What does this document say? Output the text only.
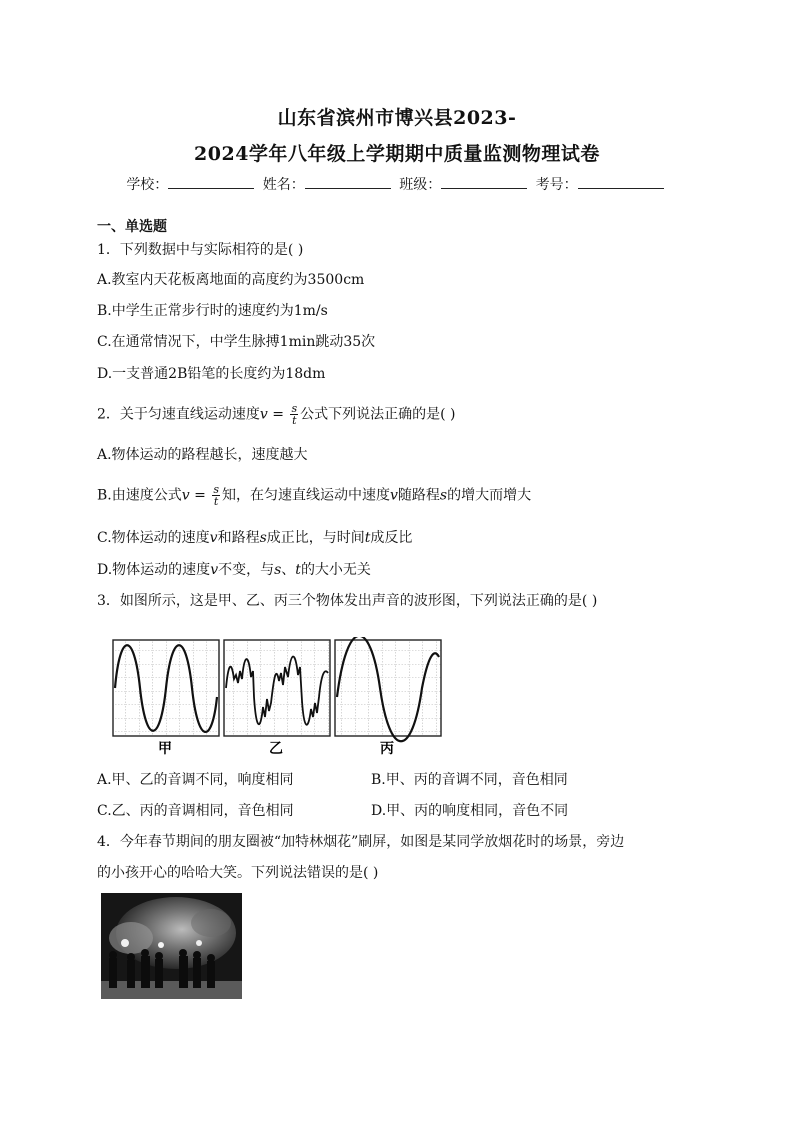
山东省滨州市博兴县2023-
2024学年八年级上学期期中质量监测物理试卷
学校：	姓名：	班级：	考号：
一、单选题
1．下列数据中与实际相符的是( )
A.教室内天花板离地面的高度约为3500cm
B.中学生正常步行时的速度约为1m/s
C.在通常情况下，中学生脉搏1min跳动35次
D.一支普通2B铅笔的长度约为18dm
2．关于匀速直线运动速度$v = \frac{s}{t}$ 公式下列说法正确的是( )
A.物体运动的路程越长，速度越大
B.由速度公式$v = \frac{s}{t}$ 知，在匀速直线运动中速度v随路程s的增大而增大
C.物体运动的速度v和路程s成正比，与时间t成反比
D.物体运动的速度v不变，与s、t的大小无关
3．如图所示，这是甲、乙、丙三个物体发出声音的波形图，下列说法正确的是( )
甲	乙	丙
A.甲、乙的音调不同，响度相同	B.甲、丙的音调不同，音色相同
C.乙、丙的音调相同，音色相同	D.甲、丙的响度相同，音色不同
4．今年春节期间的朋友圈被“加特林烟花”刷屏，如图是某同学放烟花时的场景，旁边
的小孩开心的哈哈大笑。下列说法错误的是( )
